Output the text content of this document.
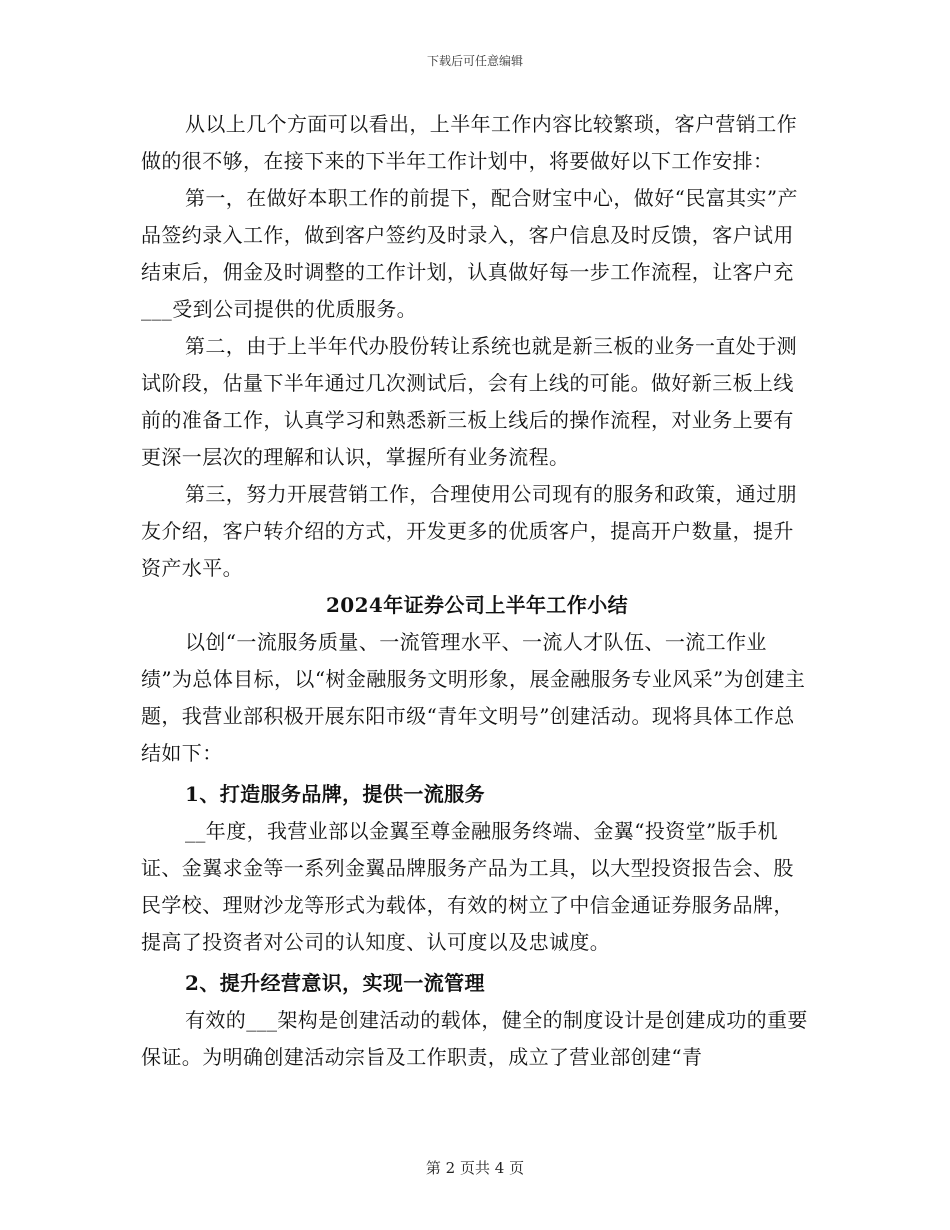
下载后可任意编辑

从以上几个方面可以看出，上半年工作内容比较繁琐，客户营销工作做的很不够，在接下来的下半年工作计划中，将要做好以下工作安排：

第一，在做好本职工作的前提下，配合财宝中心，做好“民富其实”产品签约录入工作，做到客户签约及时录入，客户信息及时反馈，客户试用结束后，佣金及时调整的工作计划，认真做好每一步工作流程，让客户充___受到公司提供的优质服务。

第二，由于上半年代办股份转让系统也就是新三板的业务一直处于测试阶段，估量下半年通过几次测试后，会有上线的可能。做好新三板上线前的准备工作，认真学习和熟悉新三板上线后的操作流程，对业务上要有更深一层次的理解和认识，掌握所有业务流程。

第三，努力开展营销工作，合理使用公司现有的服务和政策，通过朋友介绍，客户转介绍的方式，开发更多的优质客户，提高开户数量，提升资产水平。

2024年证券公司上半年工作小结

以创“一流服务质量、一流管理水平、一流人才队伍、一流工作业绩”为总体目标，以“树金融服务文明形象，展金融服务专业风采”为创建主题，我营业部积极开展东阳市级“青年文明号”创建活动。现将具体工作总结如下：

1、打造服务品牌，提供一流服务

__年度，我营业部以金翼至尊金融服务终端、金翼“投资堂”版手机证、金翼求金等一系列金翼品牌服务产品为工具，以大型投资报告会、股民学校、理财沙龙等形式为载体，有效的树立了中信金通证券服务品牌，提高了投资者对公司的认知度、认可度以及忠诚度。

2、提升经营意识，实现一流管理

有效的___架构是创建活动的载体，健全的制度设计是创建成功的重要保证。为明确创建活动宗旨及工作职责，成立了营业部创建“青

第 2 页共 4 页
